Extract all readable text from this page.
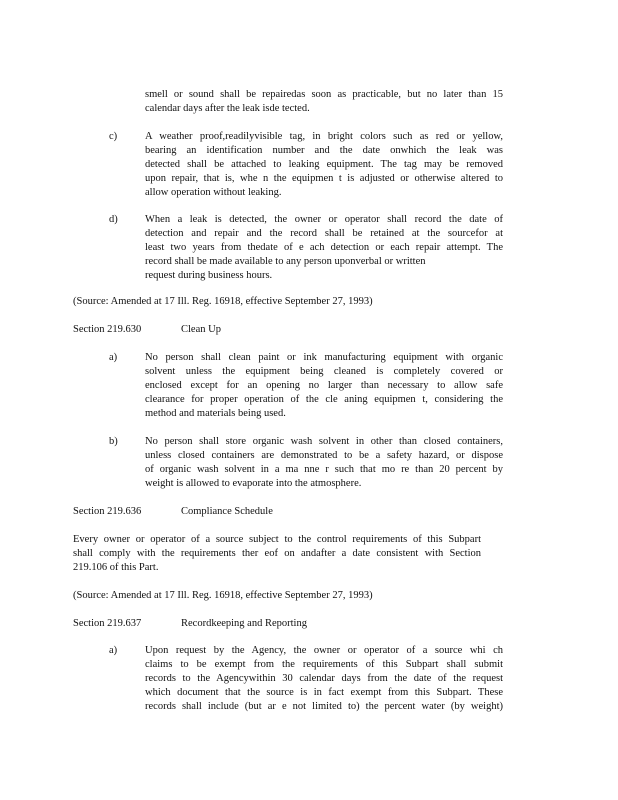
smell or sound shall be repairedas soon as practicable, but no later than 15
calendar days after the leak isde tected.
c)	A weather proof,readilyvisible tag, in bright colors such as red or yellow,
bearing an identification number and the date onwhich the leak was
detected shall be attached to leaking equipment. The tag may be removed
upon repair, that is, whe n the equipmen t is adjusted or otherwise altered to
allow operation without leaking.
d)	When a leak is detected, the owner or operator shall record the date of
detection and repair and the record shall be retained at the sourcefor at
least two years from thedate of e ach detection or each repair attempt. The
record shall be made available to any person uponverbal or written
request during business hours.
(Source: Amended at 17 Ill. Reg. 16918, effective September 27, 1993)
Section 219.630	Clean Up
a)	No person shall clean paint or ink manufacturing equipment with organic
solvent unless the equipment being cleaned is completely covered or
enclosed except for an opening no larger than necessary to allow safe
clearance for proper operation of the cle aning equipmen t, considering the
method and materials being used.
b)	No person shall store organic wash solvent in other than closed containers,
unless closed containers are demonstrated to be a safety hazard, or dispose
of organic wash solvent in a ma nne r such that mo re than 20 percent by
weight is allowed to evaporate into the atmosphere.
Section 219.636	Compliance Schedule
Every owner or operator of a source subject to the control requirements of this Subpart
shall comply with the requirements ther eof on andafter a date consistent with Section
219.106 of this Part.
(Source: Amended at 17 Ill. Reg. 16918, effective September 27, 1993)
Section 219.637	Recordkeeping and Reporting
a)	Upon request by the Agency, the owner or operator of a source whi ch
claims to be exempt from the requirements of this Subpart shall submit
records to the Agencywithin 30 calendar days from the date of the request
which document that the source is in fact exempt from this Subpart. These
records shall include (but ar e not limited to) the percent water (by weight)
